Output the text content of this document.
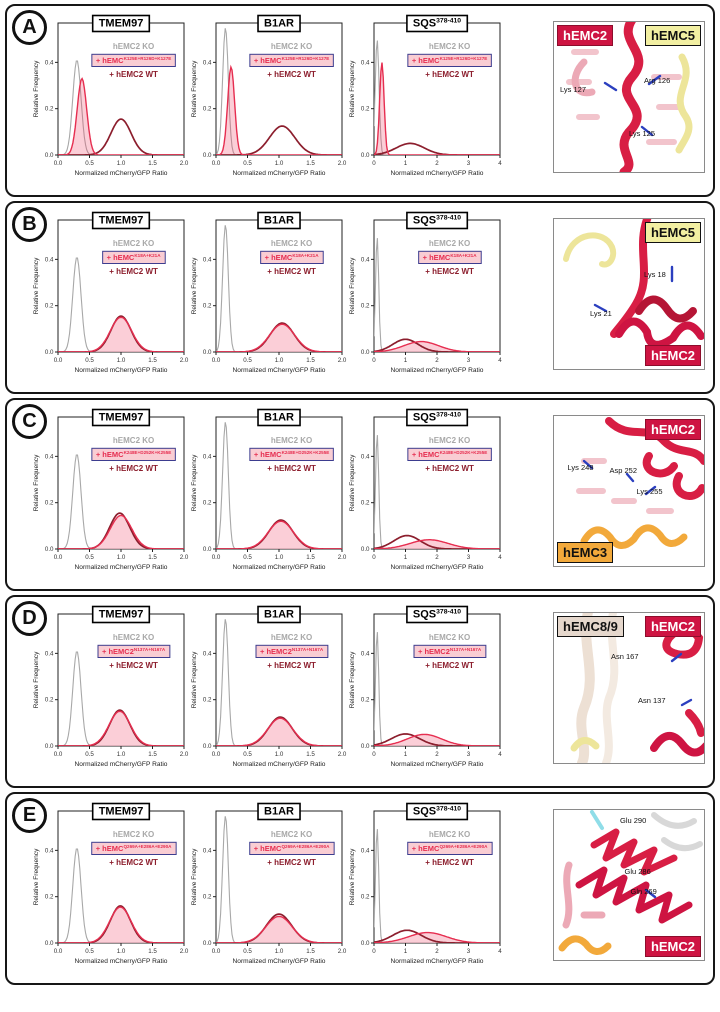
A
0.0	0.5	1.0	1.5	2.0
0.0
0.2
0.4
Normalized mCherry/GFP Ratio
Relative Frequency
hEMC2 KO
+ hEMC$^{K125E+R126D+K127E}$
+ hEMC2 WT
TMEM97
0.0	0.5	1.0	1.5	2.0
0.0
0.2
0.4
Normalized mCherry/GFP Ratio
Relative Frequency
hEMC2 KO
+ hEMC$^{K125E+R126D+K127E}$
+ hEMC2 WT
B1AR
0	1	2	3	4
0.0
0.2
0.4
Normalized mCherry/GFP Ratio
Relative Frequency
hEMC2 KO
+ hEMC$^{K125E+R126D+K127E}$
+ hEMC2 WT
SQS$^{378-410}$
hEMC2	hEMC5
Lys 127
Arg 126
Lys 125
B
0.0	0.5	1.0	1.5	2.0
0.0
0.2
0.4
Normalized mCherry/GFP Ratio
Relative Frequency
hEMC2 KO
+ hEMC$^{K18A+K21A}$
+ hEMC2 WT
TMEM97
0.0	0.5	1.0	1.5	2.0
0.0
0.2
0.4
Normalized mCherry/GFP Ratio
Relative Frequency
hEMC2 KO
+ hEMC$^{K18A+K21A}$
+ hEMC2 WT
B1AR
0	1	2	3	4
0.0
0.2
0.4
Normalized mCherry/GFP Ratio
Relative Frequency
hEMC2 KO
+ hEMC$^{K18A+K21A}$
+ hEMC2 WT
SQS$^{378-410}$
hEMC5
hEMC2
Lys 18
Lys 21
C
0.0	0.5	1.0	1.5	2.0
0.0
0.2
0.4
Normalized mCherry/GFP Ratio
Relative Frequency
hEMC2 KO
+ hEMC$^{K248E+D252K+K255E}$
+ hEMC2 WT
TMEM97
0.0	0.5	1.0	1.5	2.0
0.0
0.2
0.4
Normalized mCherry/GFP Ratio
Relative Frequency
hEMC2 KO
+ hEMC$^{K248E+D252K+K255E}$
+ hEMC2 WT
B1AR
0	1	2	3	4
0.0
0.2
0.4
Normalized mCherry/GFP Ratio
Relative Frequency
hEMC2 KO
+ hEMC$^{K248E+D252K+K255E}$
+ hEMC2 WT
SQS$^{378-410}$
hEMC2
hEMC3
Lys 248 Asp 252
Lys 255
D
0.0	0.5	1.0	1.5	2.0
0.0
0.2
0.4
Normalized mCherry/GFP Ratio
Relative Frequency
hEMC2 KO
+ $hEMC2^{N137A+N167A}$
+ hEMC2 WT
TMEM97
0.0	0.5	1.0	1.5	2.0
0.0
0.2
0.4
Normalized mCherry/GFP Ratio
Relative Frequency
hEMC2 KO
+ $hEMC2^{N137A+N167A}$
+ hEMC2 WT
B1AR
0	1	2	3	4
0.0
0.2
0.4
Normalized mCherry/GFP Ratio
Relative Frequency
hEMC2 KO
+ $hEMC2^{N137A+N167A}$
+ hEMC2 WT
SQS$^{378-410}$
hEMC8/9	hEMC2
Asn 167
Asn 137
E
0.0	0.5	1.0	1.5	2.0
0.0
0.2
0.4
Normalized mCherry/GFP Ratio
Relative Frequency
hEMC2 KO
+ hEMC$^{Q269A+E286A+E290A}$
+ hEMC2 WT
TMEM97
0.0	0.5	1.0	1.5	2.0
0.0
0.2
0.4
Normalized mCherry/GFP Ratio
Relative Frequency
hEMC2 KO
+ hEMC$^{Q269A+E286A+E290A}$
+ hEMC2 WT
B1AR
0	1	2	3	4
0.0
0.2
0.4
Normalized mCherry/GFP Ratio
Relative Frequency
hEMC2 KO
+ hEMC$^{Q269A+E286A+E290A}$
+ hEMC2 WT
SQS$^{378-410}$
hEMC2
Glu 290
Glu 286
Gln 269
